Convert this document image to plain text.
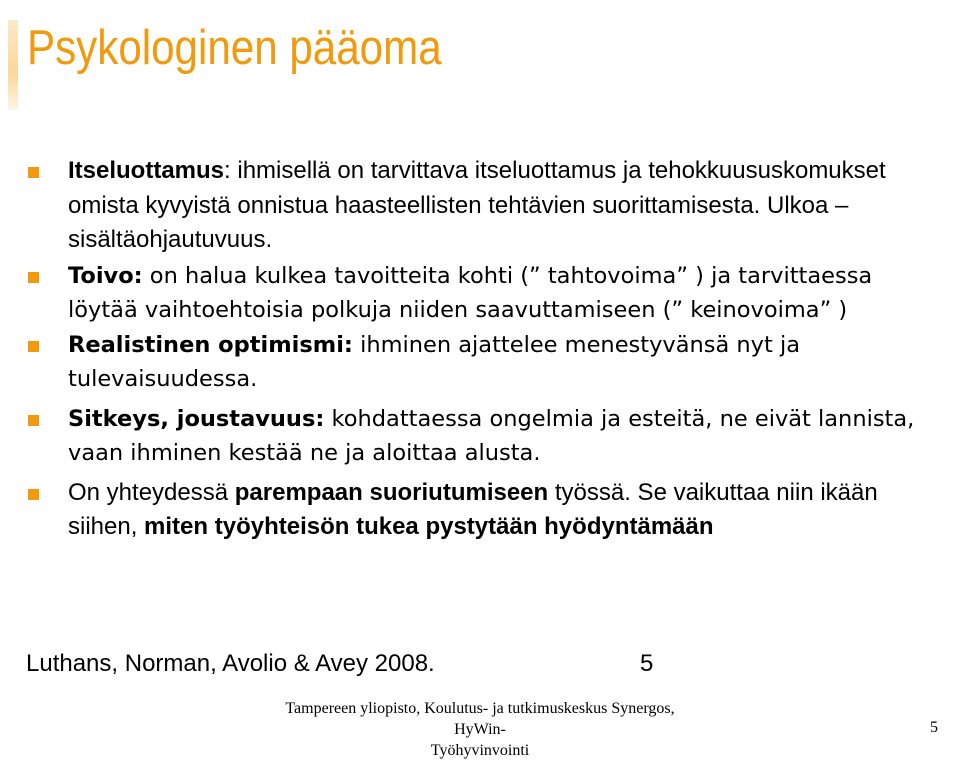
Psykologinen pääoma
Itseluottamus: ihmisellä on tarvittava itseluottamus ja tehokkuususkomukset omista kyvyistä onnistua haasteellisten tehtävien suorittamisesta. Ulkoa – sisältäohjautuvuus.
Toivo: on halua kulkea tavoitteita kohti (” tahtovoima” ) ja tarvittaessa löytää vaihtoehtoisia polkuja niiden saavuttamiseen (” keinovoima” )
Realistinen optimismi: ihminen ajattelee menestyvänsä nyt ja tulevaisuudessa.
Sitkeys, joustavuus: kohdattaessa ongelmia ja esteitä, ne eivät lannista, vaan ihminen kestää ne ja aloittaa alusta.
On yhteydessä parempaan suoriutumiseen työssä. Se vaikuttaa niin ikään siihen, miten työyhteisön tukea pystytään hyödyntämään

Luthans, Norman, Avolio & Avey 2008.	5

Tampereen yliopisto, Koulutus- ja tutkimuskeskus Synergos, HyWin-
Työhyvinvointi

5
